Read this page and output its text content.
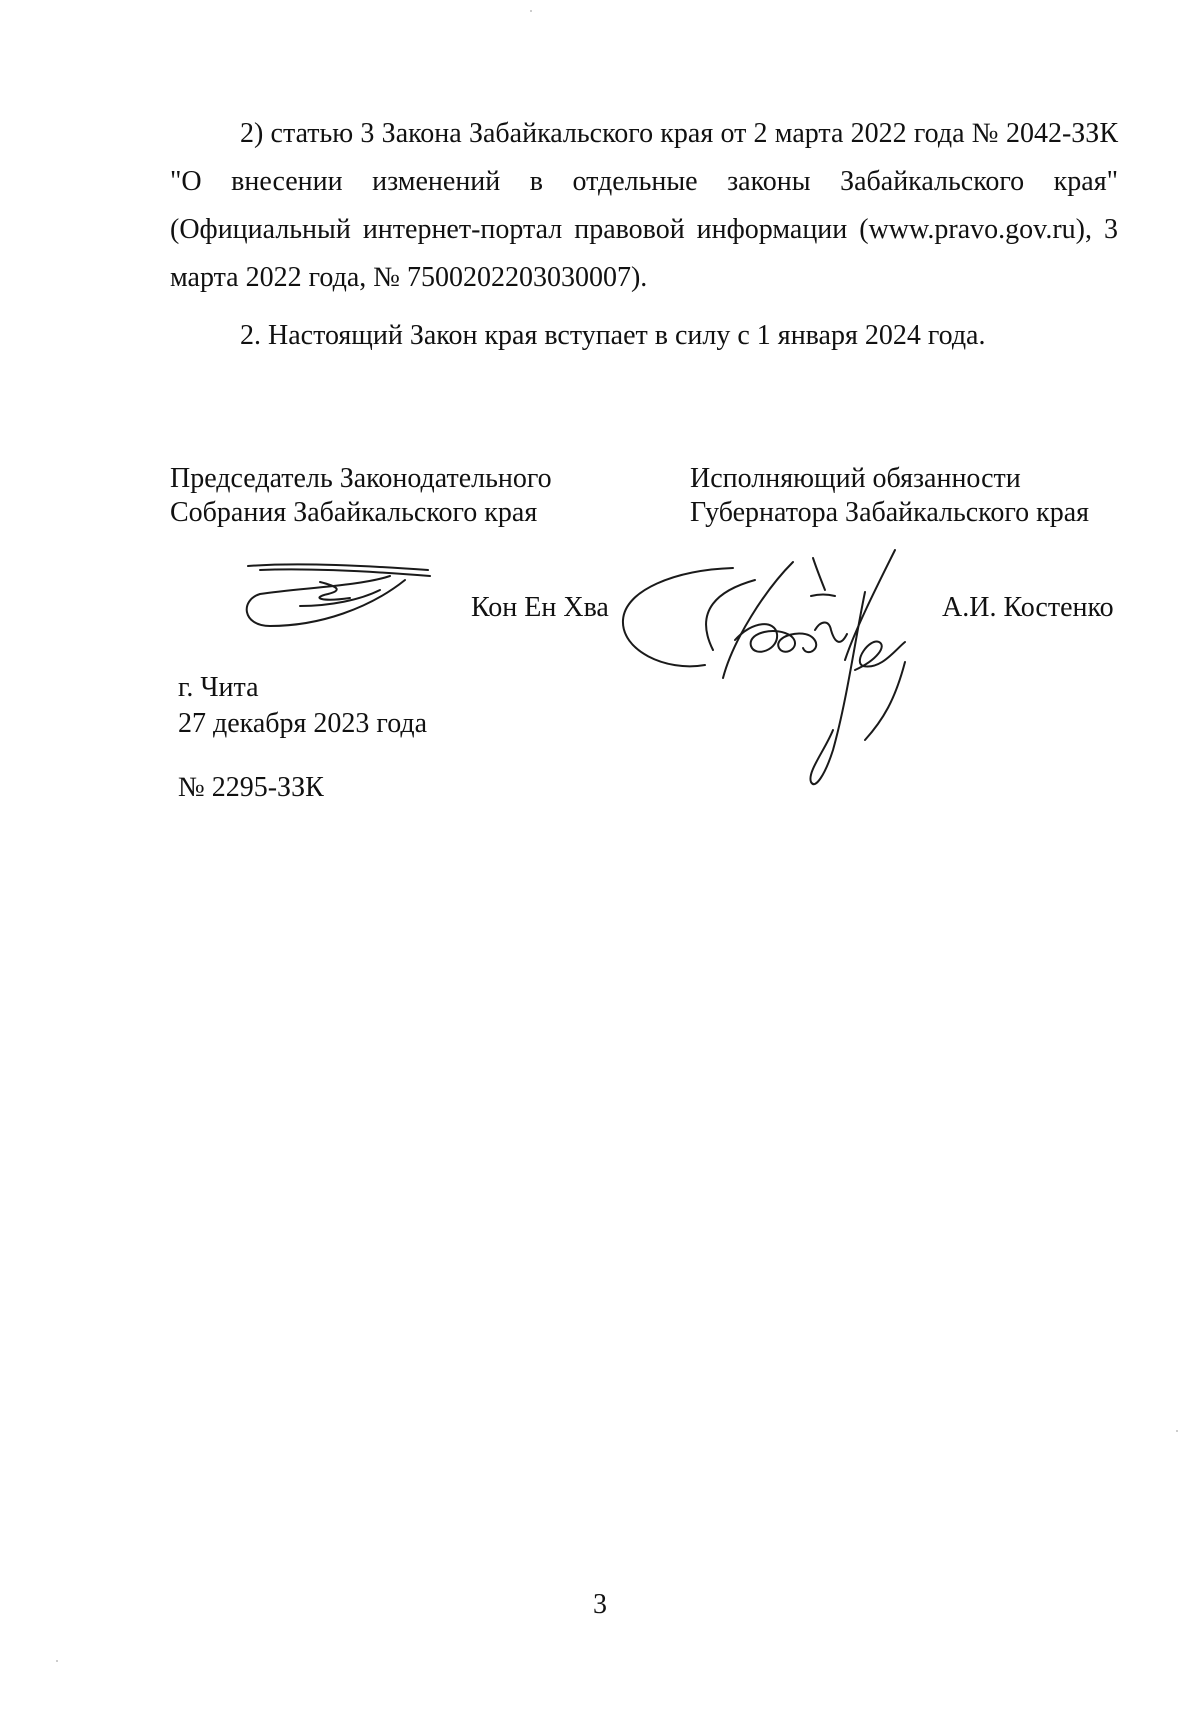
2) статью 3 Закона Забайкальского края от 2 марта 2022 года № 2042-ЗЗК "О внесении изменений в отдельные законы Забайкальского края" (Официальный интернет-портал правовой информации (www.pravo.gov.ru), 3 марта 2022 года, № 7500202203030007).

2. Настоящий Закон края вступает в силу с 1 января 2024 года.

Председатель Законодательного
Собрания Забайкальского края
Исполняющий обязанности
Губернатора Забайкальского края
Кон Ен Хва	А.И. Костенко
г. Чита
27 декабря 2023 года
№ 2295-ЗЗК
3
